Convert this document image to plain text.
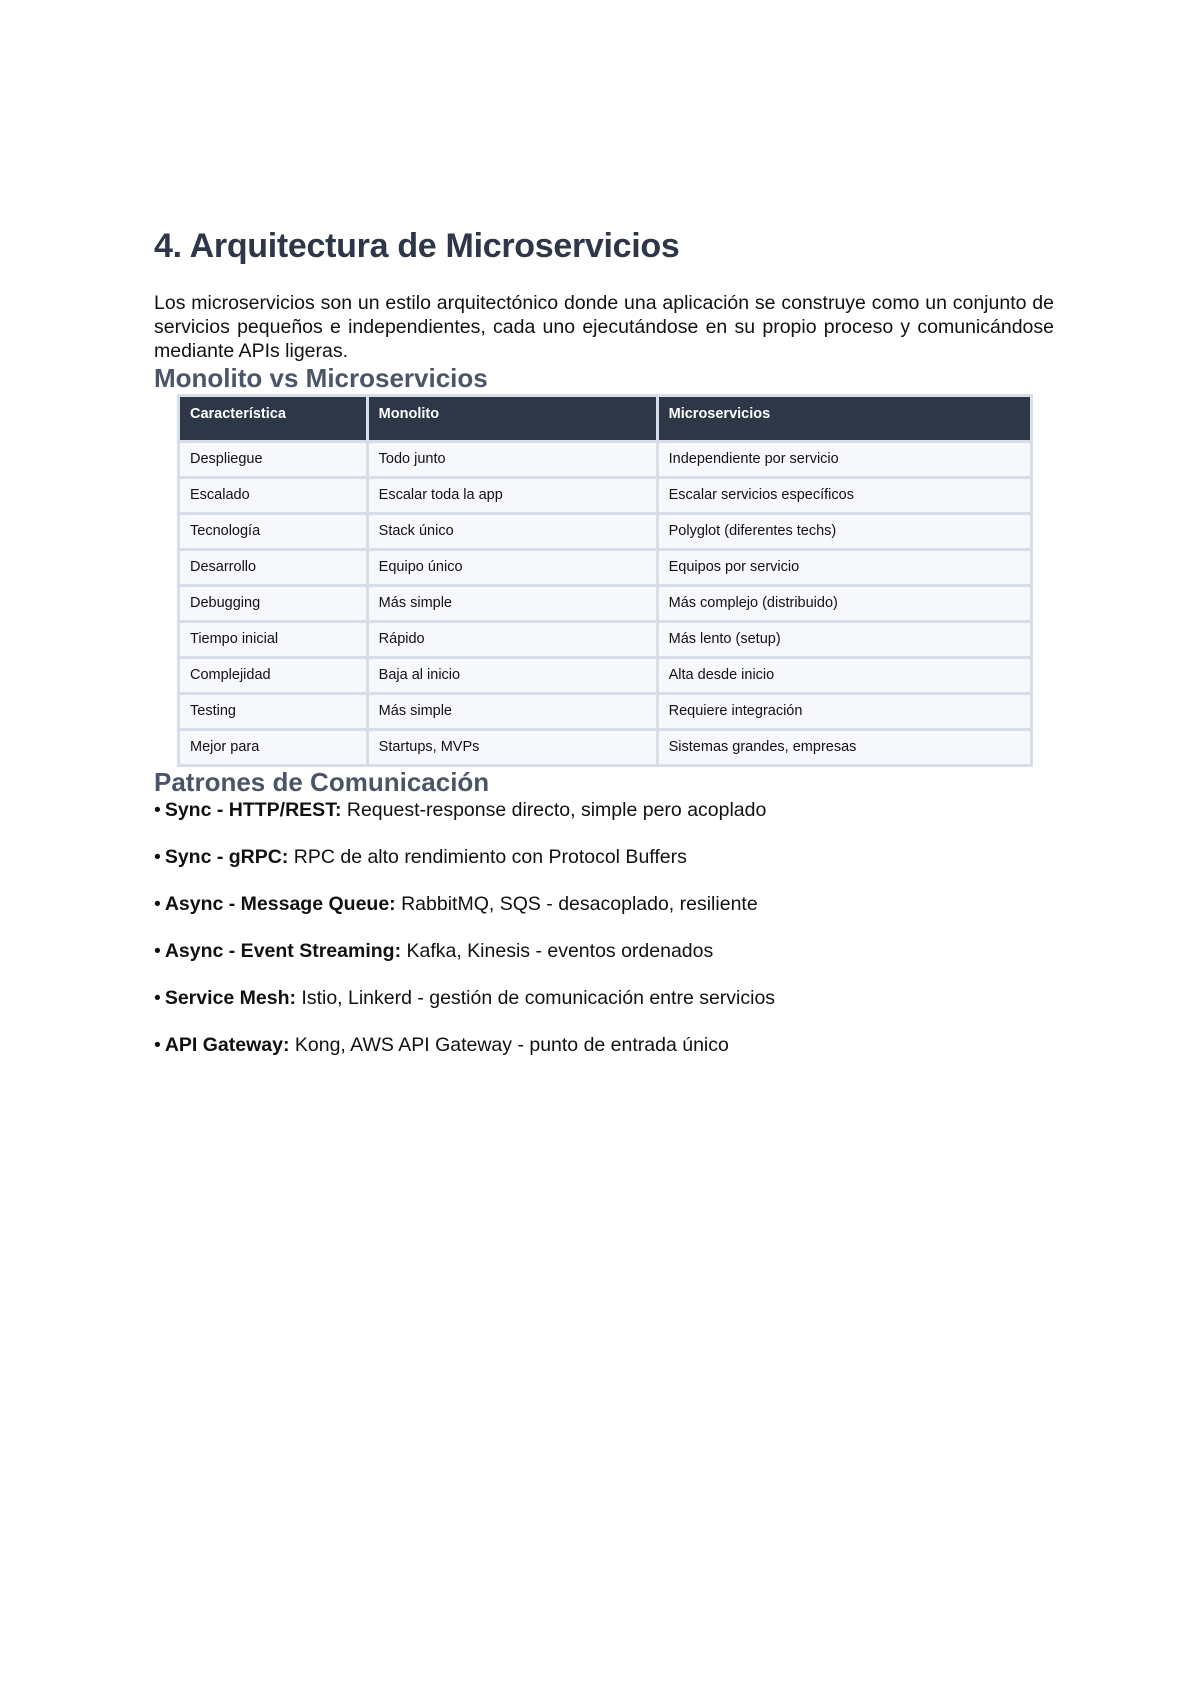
4. Arquitectura de Microservicios

Los microservicios son un estilo arquitectónico donde una aplicación se construye como un conjunto de servicios pequeños e independientes, cada uno ejecutándose en su propio proceso y comunicándose mediante APIs ligeras.

Monolito vs Microservicios
Característica	Monolito	Microservicios
Despliegue	Todo junto	Independiente por servicio
Escalado	Escalar toda la app	Escalar servicios específicos
Tecnología	Stack único	Polyglot (diferentes techs)
Desarrollo	Equipo único	Equipos por servicio
Debugging	Más simple	Más complejo (distribuido)
Tiempo inicial	Rápido	Más lento (setup)
Complejidad	Baja al inicio	Alta desde inicio
Testing	Más simple	Requiere integración
Mejor para	Startups, MVPs	Sistemas grandes, empresas
Patrones de Comunicación
• Sync - HTTP/REST: Request-response directo, simple pero acoplado
• Sync - gRPC: RPC de alto rendimiento con Protocol Buffers
• Async - Message Queue: RabbitMQ, SQS - desacoplado, resiliente
• Async - Event Streaming: Kafka, Kinesis - eventos ordenados
• Service Mesh: Istio, Linkerd - gestión de comunicación entre servicios
• API Gateway: Kong, AWS API Gateway - punto de entrada único
